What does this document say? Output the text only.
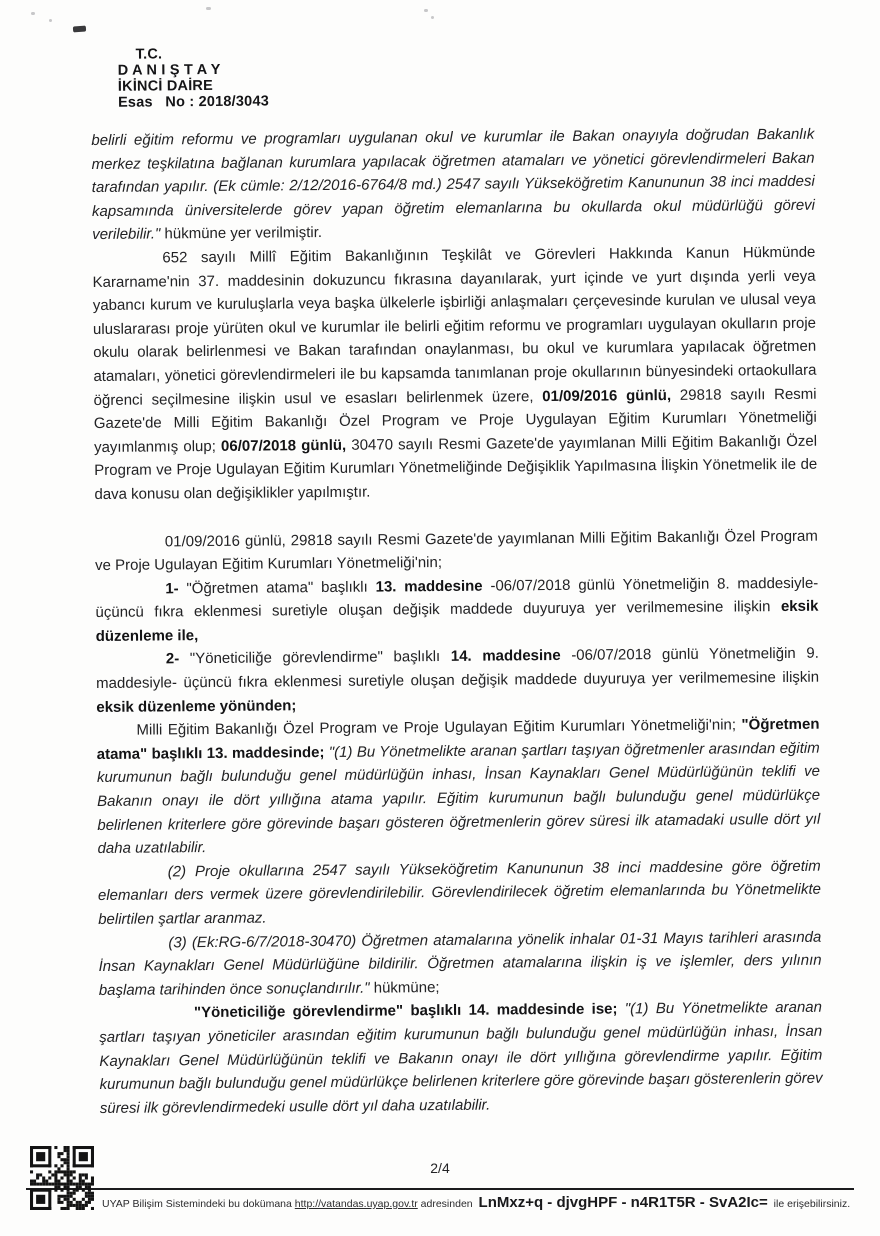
T.C.
D A N I Ş T A Y
İKİNCİ DAİRE
Esas   No : 2018/3043

belirli eğitim reformu ve programları uygulanan okul ve kurumlar ile Bakan onayıyla doğrudan Bakanlık merkez teşkilatına bağlanan kurumlara yapılacak öğretmen atamaları ve yönetici görevlendirmeleri Bakan tarafından yapılır. (Ek cümle: 2/12/2016-6764/8 md.) 2547 sayılı Yükseköğretim Kanununun 38 inci maddesi kapsamında üniversitelerde görev yapan öğretim elemanlarına bu okullarda okul müdürlüğü görevi verilebilir." hükmüne yer verilmiştir.

652 sayılı Millî Eğitim Bakanlığının Teşkilât ve Görevleri Hakkında Kanun Hükmünde Kararname'nin 37. maddesinin dokuzuncu fıkrasına dayanılarak, yurt içinde ve yurt dışında yerli veya yabancı kurum ve kuruluşlarla veya başka ülkelerle işbirliği anlaşmaları çerçevesinde kurulan ve ulusal veya uluslararası proje yürüten okul ve kurumlar ile belirli eğitim reformu ve programları uygulayan okulların proje okulu olarak belirlenmesi ve Bakan tarafından onaylanması, bu okul ve kurumlara yapılacak öğretmen atamaları, yönetici görevlendirmeleri ile bu kapsamda tanımlanan proje okullarının bünyesindeki ortaokullara öğrenci seçilmesine ilişkin usul ve esasları belirlenmek üzere, 01/09/2016 günlü, 29818 sayılı Resmi Gazete'de Milli Eğitim Bakanlığı Özel Program ve Proje Uygulayan Eğitim Kurumları Yönetmeliği yayımlanmış olup; 06/07/2018 günlü, 30470 sayılı Resmi Gazete'de yayımlanan Milli Eğitim Bakanlığı Özel Program ve Proje Ugulayan Eğitim Kurumları Yönetmeliğinde Değişiklik Yapılmasına İlişkin Yönetmelik ile de dava konusu olan değişiklikler yapılmıştır.

01/09/2016 günlü, 29818 sayılı Resmi Gazete'de yayımlanan Milli Eğitim Bakanlığı Özel Program ve Proje Ugulayan Eğitim Kurumları Yönetmeliği'nin;

1- "Öğretmen atama" başlıklı 13. maddesine -06/07/2018 günlü Yönetmeliğin 8. maddesiyle- üçüncü fıkra eklenmesi suretiyle oluşan değişik maddede duyuruya yer verilmemesine ilişkin eksik düzenleme ile,

2- "Yöneticiliğe görevlendirme" başlıklı 14. maddesine -06/07/2018 günlü Yönetmeliğin 9. maddesiyle- üçüncü fıkra eklenmesi suretiyle oluşan değişik maddede duyuruya yer verilmemesine ilişkin eksik düzenleme yönünden;

Milli Eğitim Bakanlığı Özel Program ve Proje Ugulayan Eğitim Kurumları Yönetmeliği'nin; "Öğretmen atama" başlıklı 13. maddesinde; "(1) Bu Yönetmelikte aranan şartları taşıyan öğretmenler arasından eğitim kurumunun bağlı bulunduğu genel müdürlüğün inhası, İnsan Kaynakları Genel Müdürlüğünün teklifi ve Bakanın onayı ile dört yıllığına atama yapılır. Eğitim kurumunun bağlı bulunduğu genel müdürlükçe belirlenen kriterlere göre görevinde başarı gösteren öğretmenlerin görev süresi ilk atamadaki usulle dört yıl daha uzatılabilir.

(2) Proje okullarına 2547 sayılı Yükseköğretim Kanununun 38 inci maddesine göre öğretim elemanları ders vermek üzere görevlendirilebilir. Görevlendirilecek öğretim elemanlarında bu Yönetmelikte belirtilen şartlar aranmaz.

(3) (Ek:RG-6/7/2018-30470) Öğretmen atamalarına yönelik inhalar 01-31 Mayıs tarihleri arasında İnsan Kaynakları Genel Müdürlüğüne bildirilir. Öğretmen atamalarına ilişkin iş ve işlemler, ders yılının başlama tarihinden önce sonuçlandırılır." hükmüne;

"Yöneticiliğe görevlendirme" başlıklı 14. maddesinde ise; "(1) Bu Yönetmelikte aranan şartları taşıyan yöneticiler arasından eğitim kurumunun bağlı bulunduğu genel müdürlüğün inhası, İnsan Kaynakları Genel Müdürlüğünün teklifi ve Bakanın onayı ile dört yıllığına görevlendirme yapılır. Eğitim kurumunun bağlı bulunduğu genel müdürlükçe belirlenen kriterlere göre görevinde başarı gösterenlerin görev süresi ilk görevlendirmedeki usulle dört yıl daha uzatılabilir.

2/4
UYAP Bilişim Sistemindeki bu dokümana http://vatandas.uyap.gov.tr adresinden LnMxz+q - djvgHPF - n4R1T5R - SvA2Ic= ile erişebilirsiniz.
